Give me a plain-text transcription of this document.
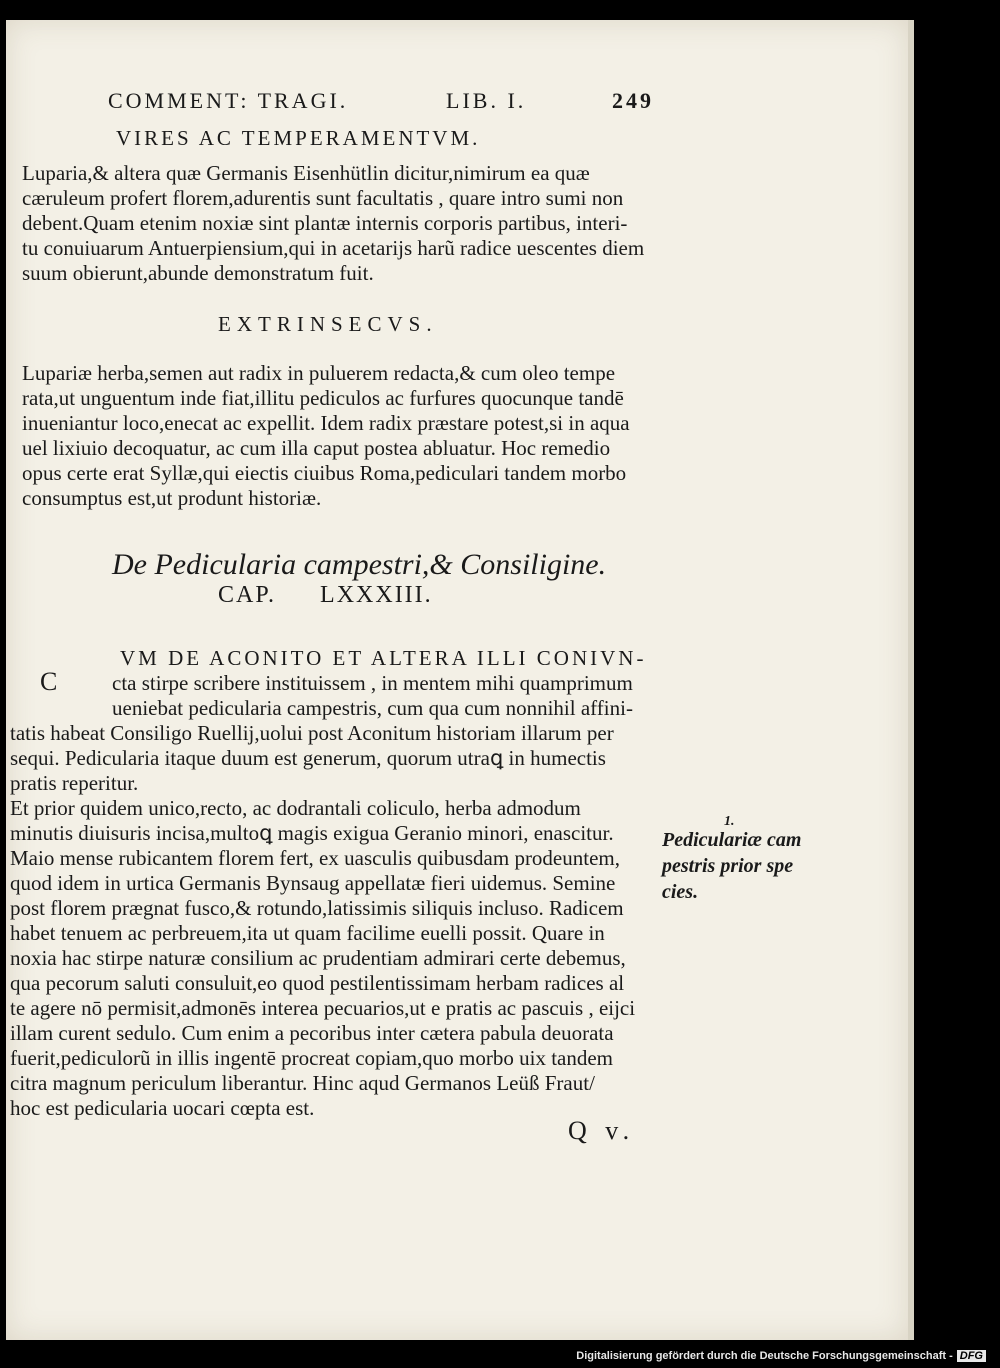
COMMENT: TRAGI.	LIB. I.	249
VIRES AC TEMPERAMENTVM.
Luparia,& altera quæ Germanis Eisenhütlin dicitur,nimirum ea quæ
cæruleum profert florem,adurentis sunt facultatis , quare intro sumi non
debent.Quam etenim noxiæ sint plantæ internis corporis partibus, interi-
tu conuiuarum Antuerpiensium,qui in acetarijs harũ radice uescentes diem
suum obierunt,abunde demonstratum fuit.
EXTRINSECVS.
Lupariæ herba,semen aut radix in puluerem redacta,& cum oleo tempe
rata,ut unguentum inde fiat,illitu pediculos ac furfures quocunque tandē
inueniantur loco,enecat ac expellit. Idem radix præstare potest,si in aqua
uel lixiuio decoquatur, ac cum illa caput postea abluatur. Hoc remedio
opus certe erat Syllæ,qui eiectis ciuibus Roma,pediculari tandem morbo
consumptus est,ut produnt historiæ.
De Pedicularia campestri,& Consiligine.
CAP. LXXXIII.
VM DE ACONITO ET ALTERA ILLI CONIVN-
C	cta stirpe scribere instituissem , in mentem mihi quamprimum
ueniebat pedicularia campestris, cum qua cum nonnihil affini-
tatis habeat Consiligo Ruellij,uolui post Aconitum historiam illarum per
sequi. Pedicularia itaque duum est generum, quorum utraꝗ in humectis
pratis reperitur.
Et prior quidem unico,recto, ac dodrantali coliculo, herba admodum
minutis diuisuris incisa,multoꝗ magis exigua Geranio minori, enascitur.
Maio mense rubicantem florem fert, ex uasculis quibusdam prodeuntem,
quod idem in urtica Germanis Bynsaug appellatæ fieri uidemus. Semine
post florem prægnat fusco,& rotundo,latissimis siliquis incluso. Radicem
habet tenuem ac perbreuem,ita ut quam facilime euelli possit. Quare in
noxia hac stirpe naturæ consilium ac prudentiam admirari certe debemus,
qua pecorum saluti consuluit,eo quod pestilentissimam herbam radices al
te agere nō permisit,admonēs interea pecuarios,ut e pratis ac pascuis , eijci
illam curent sedulo. Cum enim a pecoribus inter cætera pabula deuorata
fuerit,pediculorũ in illis ingentē procreat copiam,quo morbo uix tandem
citra magnum periculum liberantur. Hinc aqud Germanos Leüß Fraut/
hoc est pedicularia uocari cœpta est.
1.
Pediculariæ cam
pestris prior spe
cies.
Q v.
Digitalisierung gefördert durch die Deutsche Forschungsgemeinschaft - DFG
